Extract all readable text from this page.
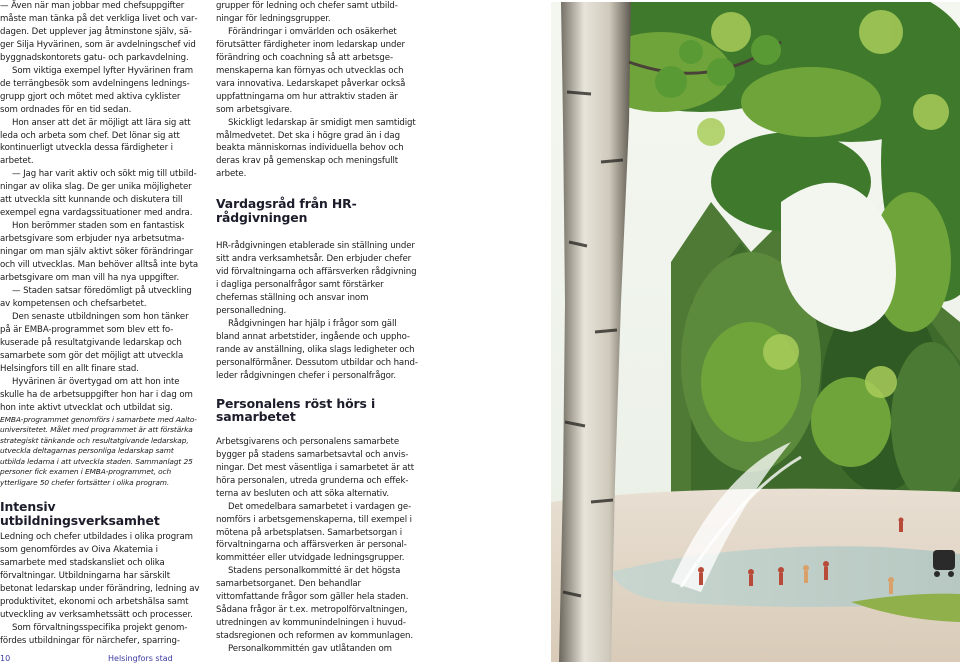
— Även när man jobbar med chefsuppgifter måste man tänka på det verkliga livet och vardagen. Det upplever jag åtminstone själv, säger Silja Hyvärinen, som är avdelningschef vid byggnadskontorets gatu- och parkavdelning.

Som viktiga exempel lyfter Hyvärinen fram de terrängbesök som avdelningens ledningsgrupp gjort och mötet med aktiva cyklister som ordnades för en tid sedan.

Hon anser att det är möjligt att lära sig att leda och arbeta som chef. Det lönar sig att kontinuerligt utveckla dessa färdigheter i arbetet.

— Jag har varit aktiv och sökt mig till utbildningar av olika slag. De ger unika möjligheter att utveckla sitt kunnande och diskutera till exempel egna vardagssituationer med andra.

Hon berömmer staden som en fantastisk arbetsgivare som erbjuder nya arbetsutmaningar om man själv aktivt söker förändringar och vill utvecklas. Man behöver alltså inte byta arbetsgivare om man vill ha nya uppgifter.

— Staden satsar föredömligt på utveckling av kompetensen och chefsarbetet.

Den senaste utbildningen som hon tänker på är EMBA-programmet som blev ett fokuserade på resultatgivande ledarskap och samarbete som gör det möjligt att utveckla Helsingfors till en allt finare stad.

Hyvärinen är övertygad om att hon inte skulle ha de arbetsuppgifter hon har i dag om hon inte aktivt utvecklat och utbildat sig.

EMBA-programmet genomförs i samarbete med Aalto-universitetet. Målet med programmet är att förstärka strategiskt tänkande och resultatgivande ledarskap, utveckla deltagarnas personliga ledarskap samt utbilda ledarna i att utveckla staden. Sammanlagt 25 personer fick examen i EMBA-programmet, och ytterligare 50 chefer fortsätter i olika program.

Intensiv utbildningsverksamhet

Ledning och chefer utbildades i olika program som genomfördes av Oiva Akatemia i samarbete med stadskansliet och olika förvaltningar. Utbildningarna har särskilt betonat ledarskap under förändring, ledning av produktivitet, ekonomi och arbetshälsa samt utveckling av verksamhetssätt och processer.

Som förvaltningsspecifika projekt genomfördes utbildningar för närchefer, sparring-

grupper för ledning och chefer samt utbildningar för ledningsgrupper.

Förändringar i omvärlden och osäkerhet förutsätter färdigheter inom ledarskap under förändring och coachning så att arbetsgemenskaperna kan förnyas och utvecklas och vara innovativa. Ledarskapet påverkar också uppfattningarna om hur attraktiv staden är som arbetsgivare.

Skickligt ledarskap är smidigt men samtidigt målmedvetet. Det ska i högre grad än i dag beakta människornas individuella behov och deras krav på gemenskap och meningsfullt arbete.

Vardagsråd från HR-rådgivningen

HR-rådgivningen etablerade sin ställning under sitt andra verksamhetsår. Den erbjuder chefer vid förvaltningarna och affärsverken rådgivning i dagliga personalfrågor samt förstärker chefernas ställning och ansvar inom personalledning.

Rådgivningen har hjälp i frågor som gäll bland annat arbetstider, ingående och upphorande av anställning, olika slags ledigheter och personalförmåner. Dessutom utbildar och handleder rådgivningen chefer i personalfrågor.

Personalens röst hörs i samarbetet

Arbetsgivarens och personalens samarbete bygger på stadens samarbetsavtal och anvisningar. Det mest väsentliga i samarbetet är att höra personalen, utreda grunderna och effekterna av besluten och att söka alternativ.

Det omedelbara samarbetet i vardagen genomförs i arbetsgemenskaperna, till exempel i mötena på arbetsplatsen. Samarbetsorgan i förvaltningarna och affärsverken är personalkommittéer eller utvidgade ledningsgrupper.

Stadens personalkommitté är det högsta samarbetsorganet. Den behandlar vittomfattande frågor som gäller hela staden. Sådana frågor är t.ex. metropolförvaltningen, utredningen av kommunindelningen i huvudstadsregionen och reformen av kommunlagen.

Personalkommittén gav utlåtanden om

10	Helsingfors stad
